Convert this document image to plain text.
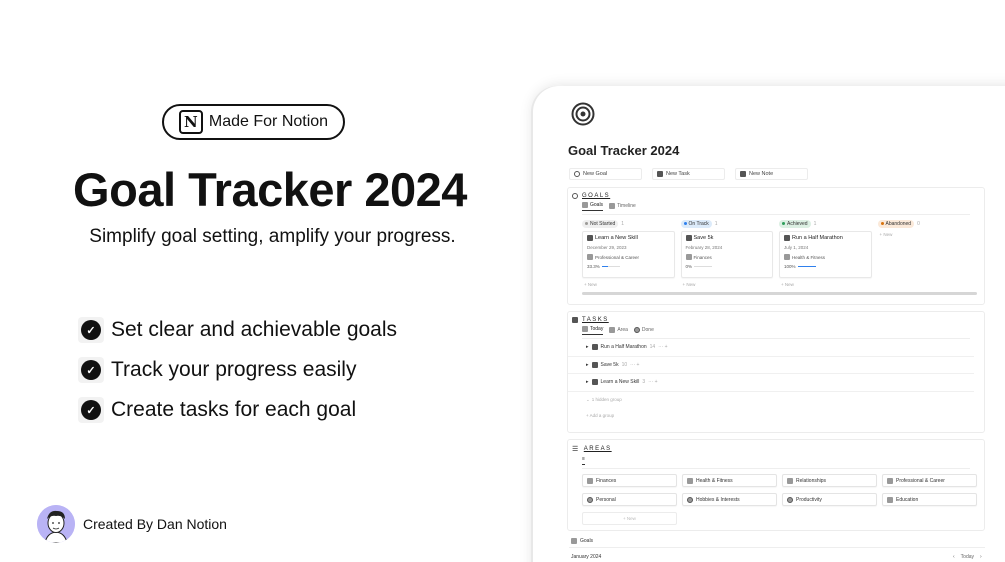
N Made For Notion
Goal Tracker 2024
Simplify goal setting, amplify your progress.
✓ Set clear and achievable goals
✓ Track your progress easily
✓ Create tasks for each goal
Created By Dan Notion
Goal Tracker 2024
New Goal	New Task	New Note
GOALS
Goals	Timeline
Not Started 1
Learn a New Skill
December 29, 2023
Professional & Career
33.3%
+ New
On Track 1
Save 5k
February 28, 2024
Finances
0%
+ New
Achieved 1
Run a Half Marathon
July 1, 2024
Health & Fitness
100%
+ New
Abandoned 0
+ New
TASKS
Today	Area	Done
▸ Run a Half Marathon 14 ··· +
▸ Save 5k 10 ··· +
▸ Learn a New Skill 3 ··· +
⌄ 1 hidden group
+ Add a group
☰ AREAS
≡
Finances	Health & Fitness	Relationships	Professional & Career
Personal	Hobbies & Interests	Productivity	Education
+ New
Goals
January 2024	‹ Today ›
